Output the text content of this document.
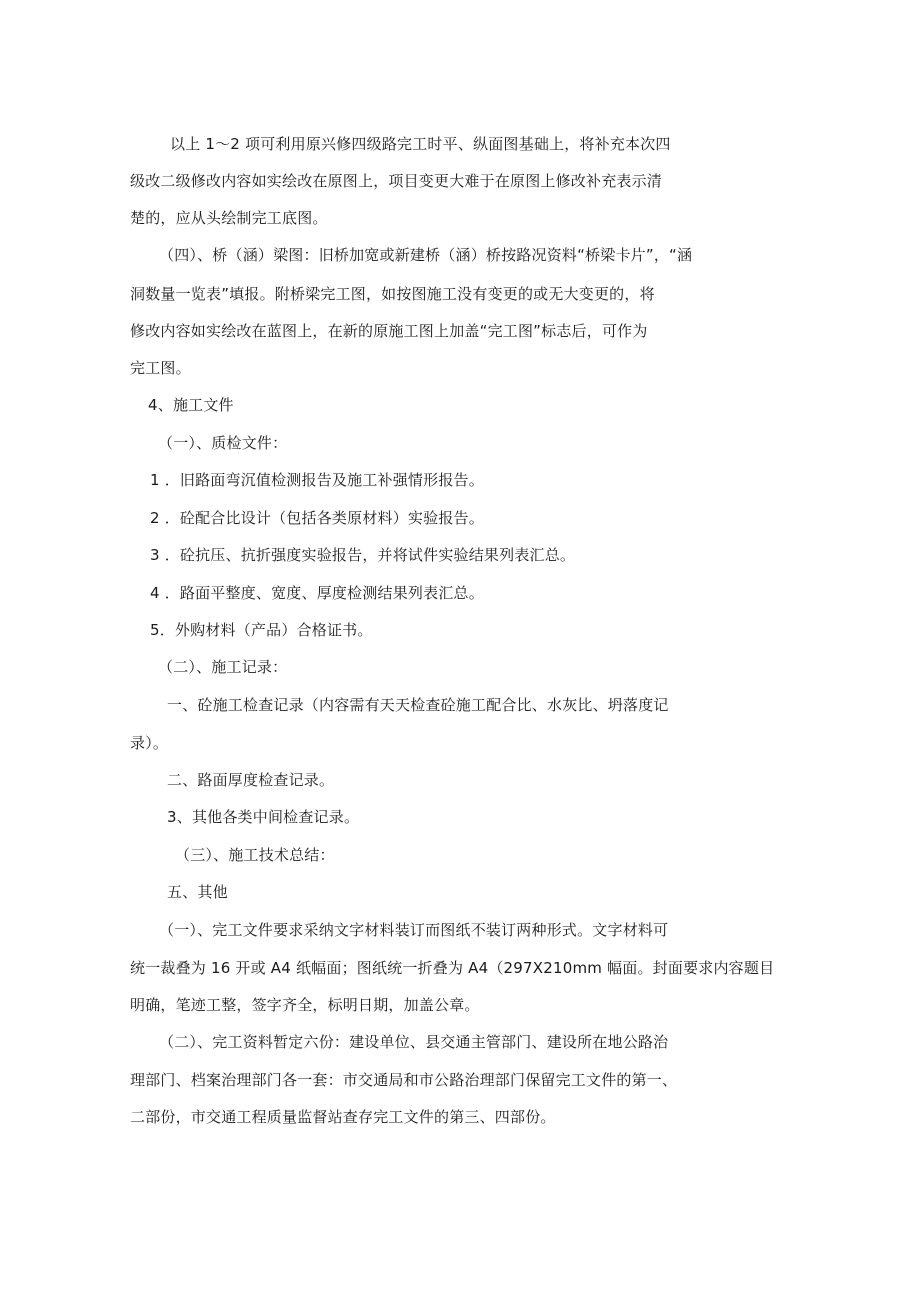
以上 1～2 项可利用原兴修四级路完工时平、纵面图基础上，将补充本次四
级改二级修改内容如实绘改在原图上，项目变更大难于在原图上修改补充表示清
楚的，应从头绘制完工底图。
（四）、桥（涵）梁图：旧桥加宽或新建桥（涵）桥按路况资料“桥梁卡片”，“涵
洞数量一览表”填报。附桥梁完工图，如按图施工没有变更的或无大变更的，将
修改内容如实绘改在蓝图上，在新的原施工图上加盖“完工图”标志后，可作为
完工图。
4、施工文件
（一）、质检文件：
1 ．旧路面弯沉值检测报告及施工补强情形报告。
2 ．砼配合比设计（包括各类原材料）实验报告。
3 ．砼抗压、抗折强度实验报告，并将试件实验结果列表汇总。
4 ．路面平整度、宽度、厚度检测结果列表汇总。
5．外购材料（产品）合格证书。
（二）、施工记录：
一、砼施工检查记录（内容需有天天检查砼施工配合比、水灰比、坍落度记
录）。
二、路面厚度检查记录。
3、其他各类中间检查记录。
（三）、施工技术总结：
五、其他
（一）、完工文件要求采纳文字材料装订而图纸不装订两种形式。文字材料可
统一裁叠为 16 开或 A4 纸幅面；图纸统一折叠为 A4（297X210mm 幅面。封面要求内容题目
明确，笔迹工整，签字齐全，标明日期，加盖公章。
（二）、完工资料暂定六份：建设单位、县交通主管部门、建设所在地公路治
理部门、档案治理部门各一套：市交通局和市公路治理部门保留完工文件的第一、
二部份，市交通工程质量监督站查存完工文件的第三、四部份。
